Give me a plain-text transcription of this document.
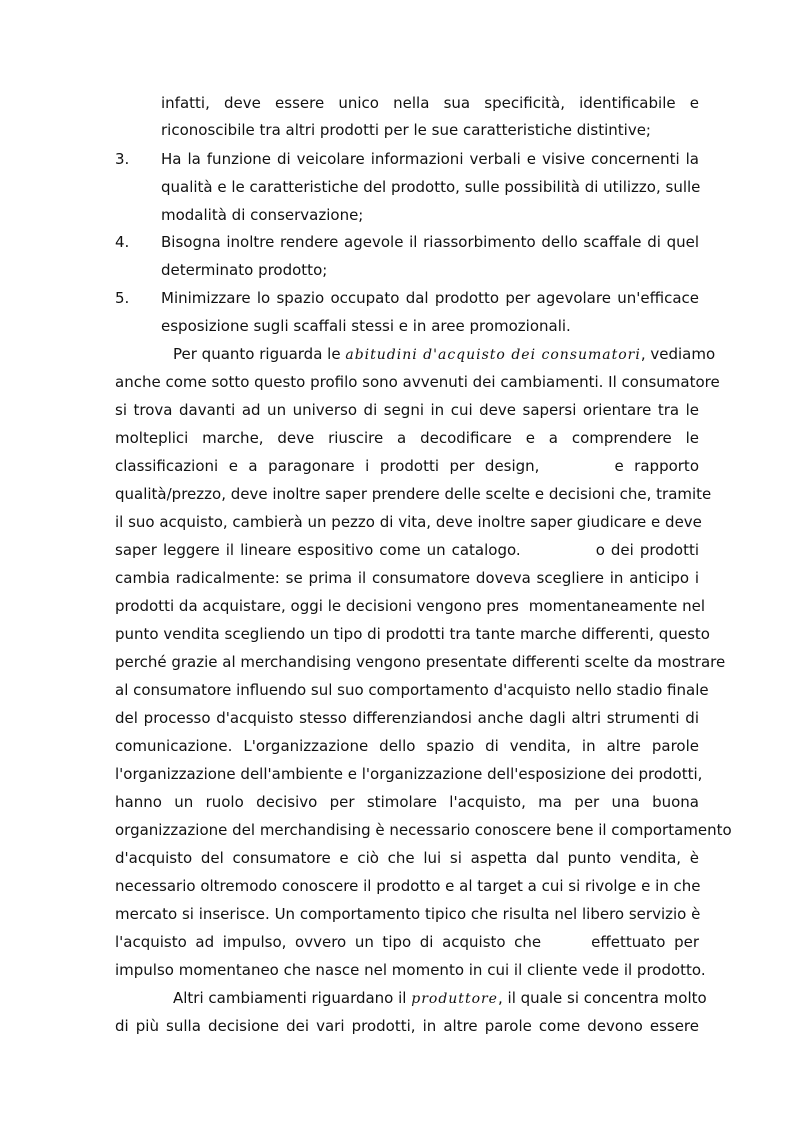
infatti, deve essere unico nella sua specificità, identificabile e
riconoscibile tra altri prodotti per le sue caratteristiche distintive;
3. Ha la funzione di veicolare informazioni verbali e visive concernenti la
qualità e le caratteristiche del prodotto, sulle possibilità di utilizzo, sulle
modalità di conservazione;
4. Bisogna inoltre rendere agevole il riassorbimento dello scaffale di quel
determinato prodotto;
5. Minimizzare lo spazio occupato dal prodotto per agevolare un'efficace
esposizione sugli scaffali stessi e in aree promozionali.
Per quanto riguarda le abitudini d'acquisto dei consumatori, vediamo
anche come sotto questo profilo sono avvenuti dei cambiamenti. Il consumatore
si trova davanti ad un universo di segni in cui deve sapersi orientare tra le
molteplici marche, deve riuscire a decodificare e a comprendere le
classificazioni e a paragonare i prodotti per design,	e rapporto
qualità/prezzo, deve inoltre saper prendere delle scelte e decisioni che, tramite
il suo acquisto, cambierà un pezzo di vita, deve inoltre saper giudicare e deve
saper leggere il lineare espositivo come un catalogo.	o dei prodotti
cambia radicalmente: se prima il consumatore doveva scegliere in anticipo i
prodotti da acquistare, oggi le decisioni vengono pres momentaneamente nel
punto vendita scegliendo un tipo di prodotti tra tante marche differenti, questo
perché grazie al merchandising vengono presentate differenti scelte da mostrare
al consumatore influendo sul suo comportamento d'acquisto nello stadio finale
del processo d'acquisto stesso differenziandosi anche dagli altri strumenti di
comunicazione. L'organizzazione dello spazio di vendita, in altre parole
l'organizzazione dell'ambiente e l'organizzazione dell'esposizione dei prodotti,
hanno un ruolo decisivo per stimolare l'acquisto, ma per una buona
organizzazione del merchandising è necessario conoscere bene il comportamento
d'acquisto del consumatore e ciò che lui si aspetta dal punto vendita, è
necessario oltremodo conoscere il prodotto e al target a cui si rivolge e in che
mercato si inserisce. Un comportamento tipico che risulta nel libero servizio è
l'acquisto ad impulso, ovvero un tipo di acquisto che	effettuato per
impulso momentaneo che nasce nel momento in cui il cliente vede il prodotto.
Altri cambiamenti riguardano il produttore, il quale si concentra molto
di più sulla decisione dei vari prodotti, in altre parole come devono essere
